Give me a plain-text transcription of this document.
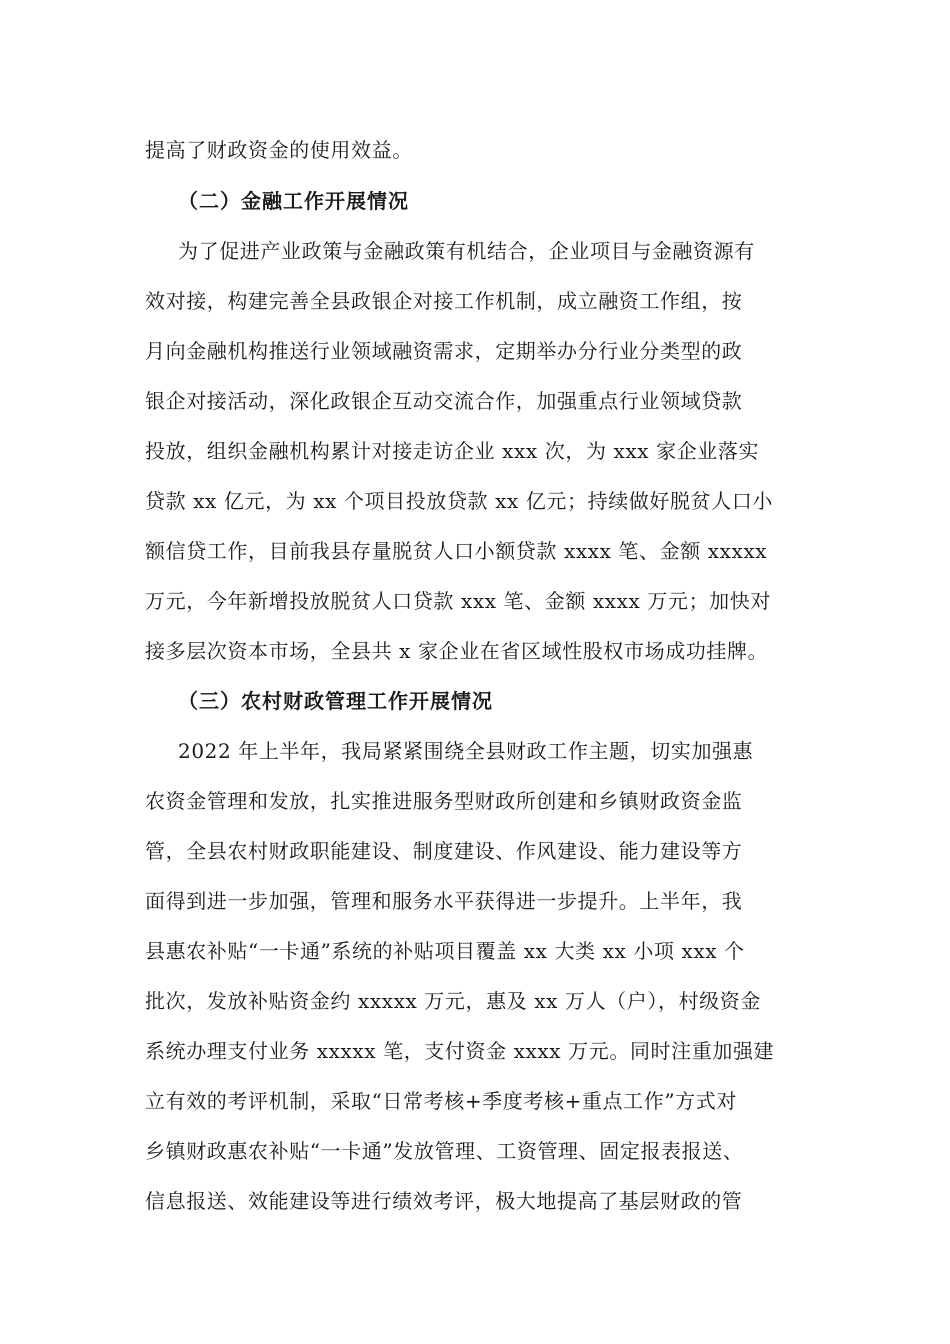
提高了财政资金的使用效益。
（二）金融工作开展情况
为了促进产业政策与金融政策有机结合，企业项目与金融资源有
效对接，构建完善全县政银企对接工作机制，成立融资工作组，按
月向金融机构推送行业领域融资需求，定期举办分行业分类型的政
银企对接活动，深化政银企互动交流合作，加强重点行业领域贷款
投放，组织金融机构累计对接走访企业 xxx 次，为 xxx 家企业落实
贷款 xx 亿元，为 xx 个项目投放贷款 xx 亿元；持续做好脱贫人口小
额信贷工作，目前我县存量脱贫人口小额贷款 xxxx 笔、金额 xxxxx
万元，今年新增投放脱贫人口贷款 xxx 笔、金额 xxxx 万元；加快对
接多层次资本市场，全县共 x 家企业在省区域性股权市场成功挂牌。
（三）农村财政管理工作开展情况
2022 年上半年，我局紧紧围绕全县财政工作主题，切实加强惠
农资金管理和发放，扎实推进服务型财政所创建和乡镇财政资金监
管，全县农村财政职能建设、制度建设、作风建设、能力建设等方
面得到进一步加强，管理和服务水平获得进一步提升。上半年，我
县惠农补贴“一卡通”系统的补贴项目覆盖 xx 大类 xx 小项 xxx 个
批次，发放补贴资金约 xxxxx 万元，惠及 xx 万人（户），村级资金
系统办理支付业务 xxxxx 笔，支付资金 xxxx 万元。同时注重加强建
立有效的考评机制，采取“日常考核+季度考核+重点工作”方式对
乡镇财政惠农补贴“一卡通”发放管理、工资管理、固定报表报送、
信息报送、效能建设等进行绩效考评，极大地提高了基层财政的管
